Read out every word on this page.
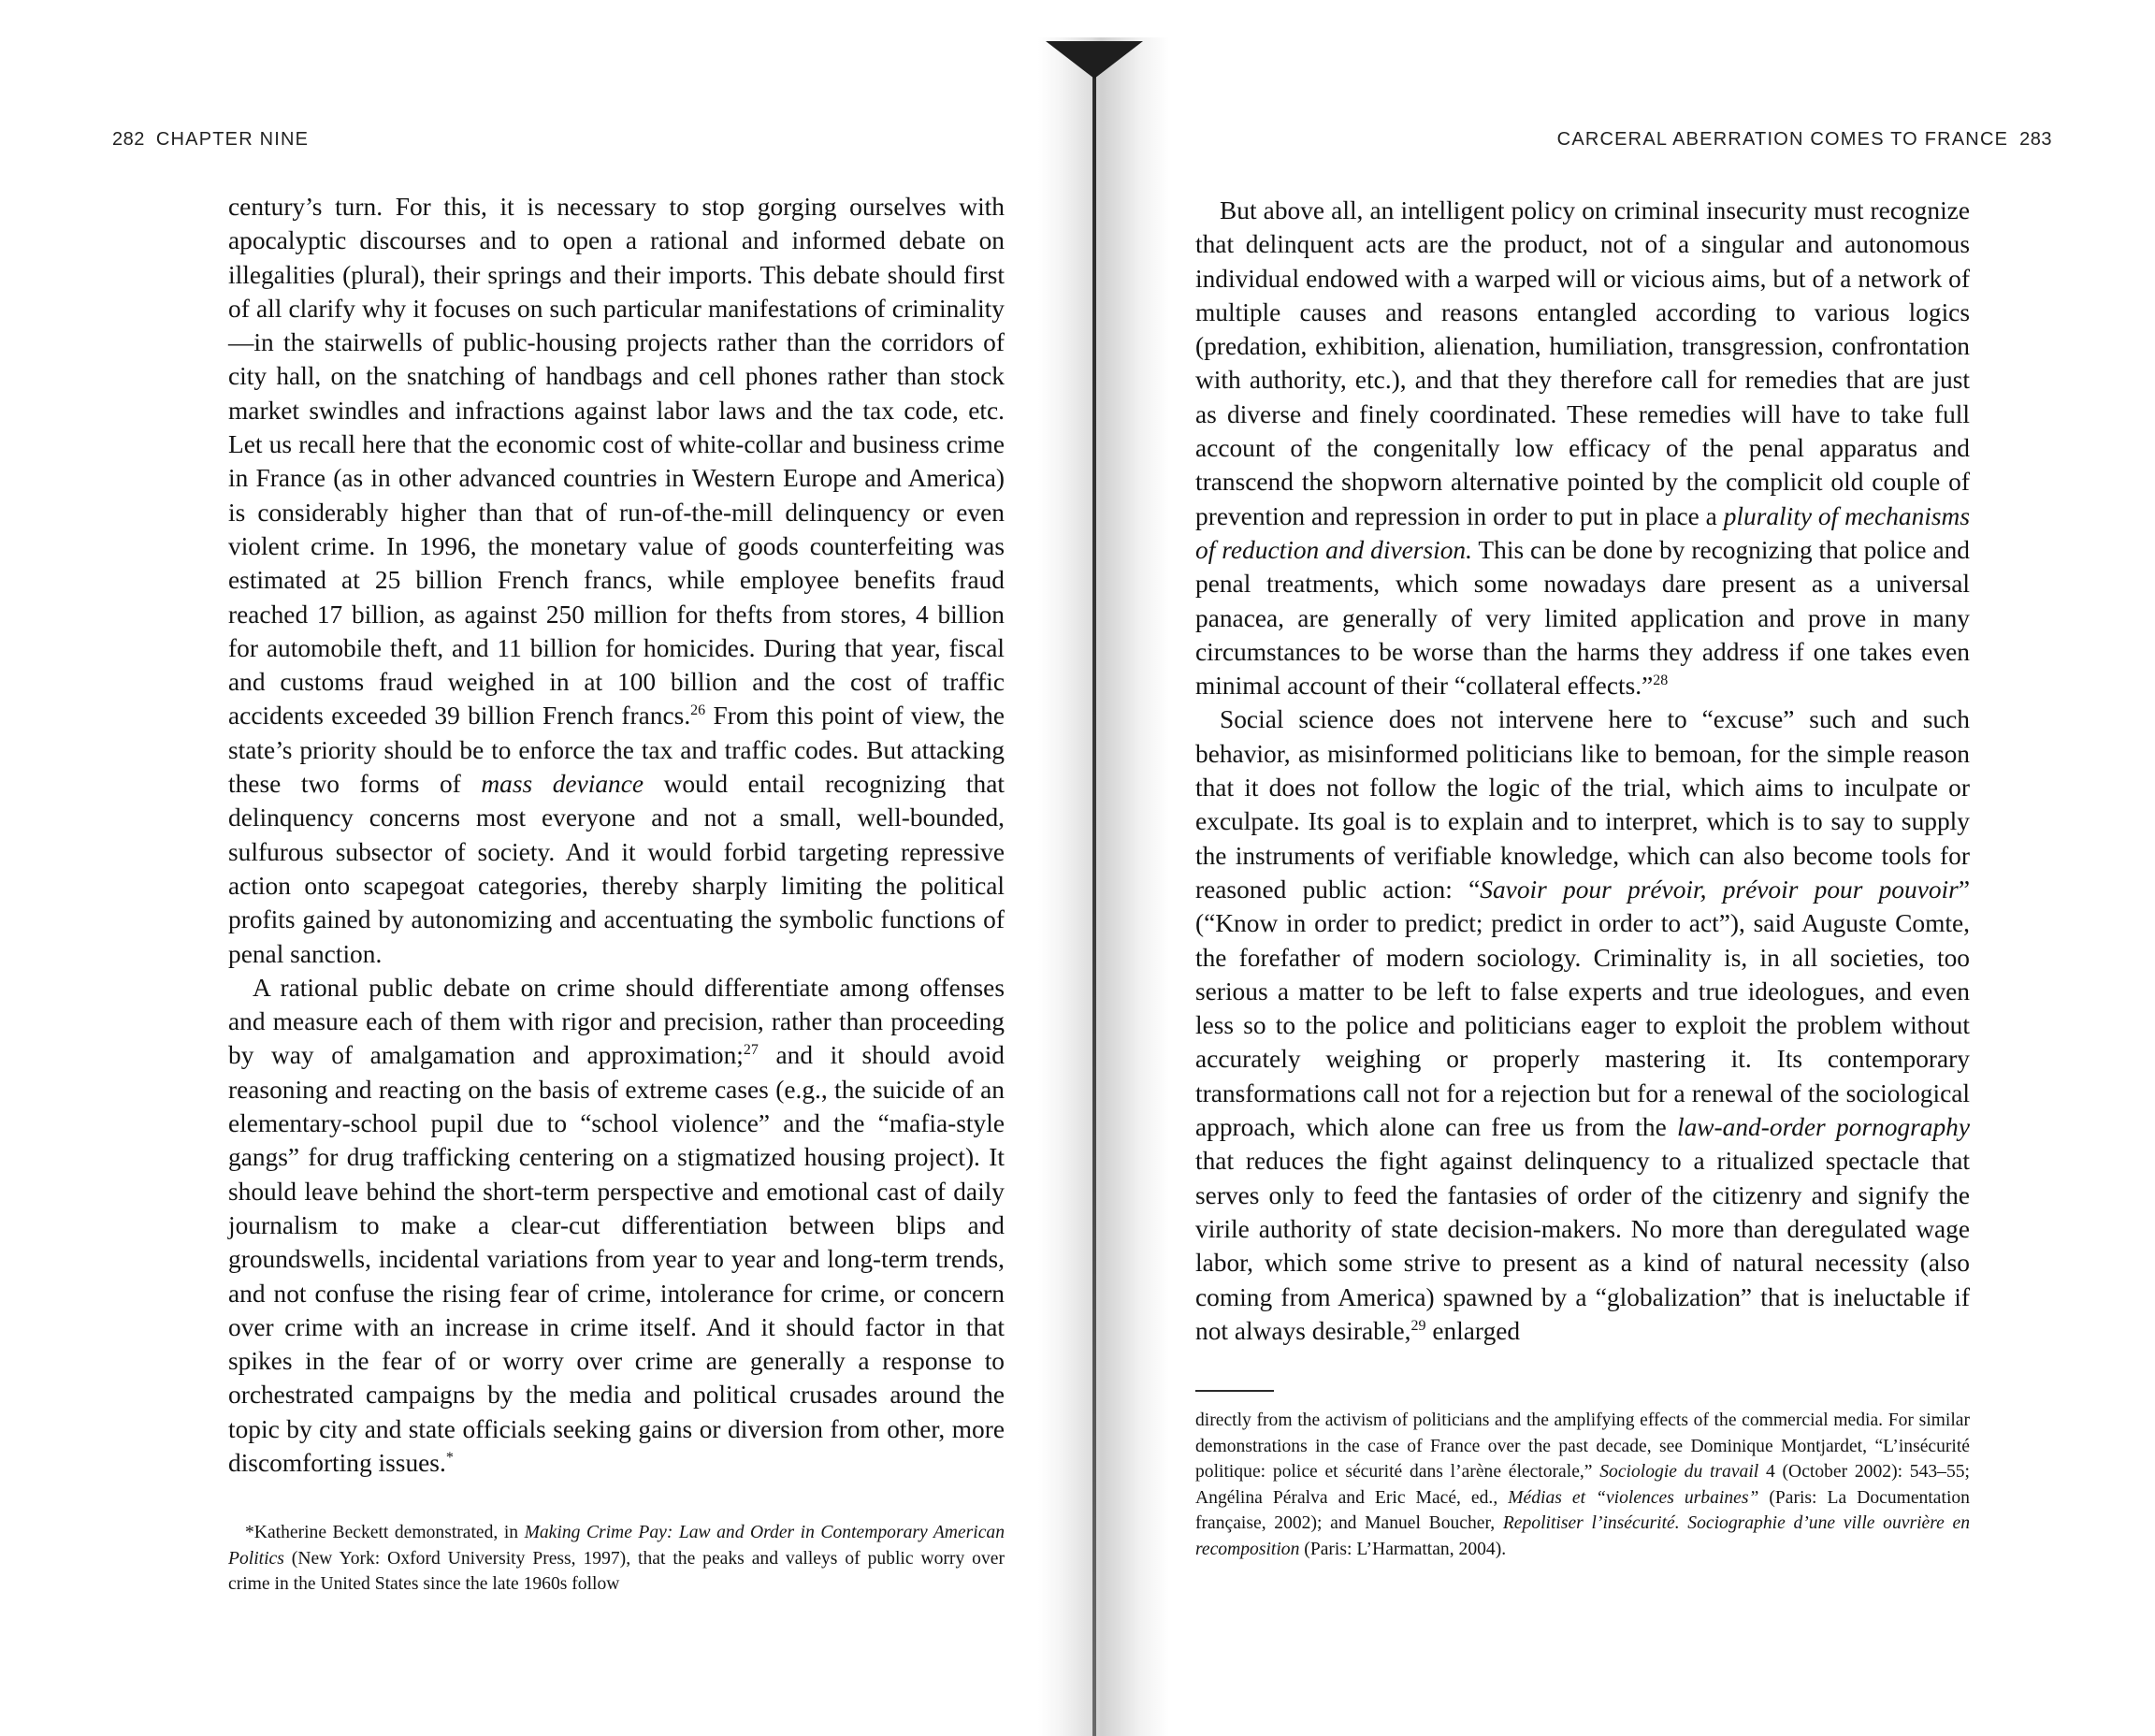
282 CHAPTER NINE

century’s turn. For this, it is necessary to stop gorging ourselves with apocalyptic discourses and to open a rational and informed debate on illegalities (plural), their springs and their imports. This debate should first of all clarify why it focuses on such particular manifestations of criminality—in the stairwells of public-housing projects rather than the corridors of city hall, on the snatching of handbags and cell phones rather than stock market swindles and infractions against labor laws and the tax code, etc. Let us recall here that the economic cost of white-collar and business crime in France (as in other advanced countries in Western Europe and America) is considerably higher than that of run-of-the-mill delinquency or even violent crime. In 1996, the monetary value of goods counterfeiting was estimated at 25 billion French francs, while employee benefits fraud reached 17 billion, as against 250 million for thefts from stores, 4 billion for automobile theft, and 11 billion for homicides. During that year, fiscal and customs fraud weighed in at 100 billion and the cost of traffic accidents exceeded 39 billion French francs.$^{26}$ From this point of view, the state’s priority should be to enforce the tax and traffic codes. But attacking these two forms of mass deviance would entail recognizing that delinquency concerns most everyone and not a small, well-bounded, sulfurous subsector of society. And it would forbid targeting repressive action onto scapegoat categories, thereby sharply limiting the political profits gained by autonomizing and accentuating the symbolic functions of penal sanction.

A rational public debate on crime should differentiate among offenses and measure each of them with rigor and precision, rather than proceeding by way of amalgamation and approximation;$^{27}$ and it should avoid reasoning and reacting on the basis of extreme cases (e.g., the suicide of an elementary-school pupil due to “school violence” and the “mafia-style gangs” for drug trafficking centering on a stigmatized housing project). It should leave behind the short-term perspective and emotional cast of daily journalism to make a clear-cut differentiation between blips and groundswells, incidental variations from year to year and long-term trends, and not confuse the rising fear of crime, intolerance for crime, or concern over crime with an increase in crime itself. And it should factor in that spikes in the fear of or worry over crime are generally a response to orchestrated campaigns by the media and political crusades around the topic by city and state officials seeking gains or diversion from other, more discomforting issues.*

*Katherine Beckett demonstrated, in Making Crime Pay: Law and Order in Contemporary American Politics (New York: Oxford University Press, 1997), that the peaks and valleys of public worry over crime in the United States since the late 1960s follow

CARCERAL ABERRATION COMES TO FRANCE 283

But above all, an intelligent policy on criminal insecurity must recognize that delinquent acts are the product, not of a singular and autonomous individual endowed with a warped will or vicious aims, but of a network of multiple causes and reasons entangled according to various logics (predation, exhibition, alienation, humiliation, transgression, confrontation with authority, etc.), and that they therefore call for remedies that are just as diverse and finely coordinated. These remedies will have to take full account of the congenitally low efficacy of the penal apparatus and transcend the shopworn alternative pointed by the complicit old couple of prevention and repression in order to put in place a plurality of mechanisms of reduction and diversion. This can be done by recognizing that police and penal treatments, which some nowadays dare present as a universal panacea, are generally of very limited application and prove in many circumstances to be worse than the harms they address if one takes even minimal account of their “collateral effects.”$^{28}$

Social science does not intervene here to “excuse” such and such behavior, as misinformed politicians like to bemoan, for the simple reason that it does not follow the logic of the trial, which aims to inculpate or exculpate. Its goal is to explain and to interpret, which is to say to supply the instruments of verifiable knowledge, which can also become tools for reasoned public action: “Savoir pour prévoir, prévoir pour pouvoir” (“Know in order to predict; predict in order to act”), said Auguste Comte, the forefather of modern sociology. Criminality is, in all societies, too serious a matter to be left to false experts and true ideologues, and even less so to the police and politicians eager to exploit the problem without accurately weighing or properly mastering it. Its contemporary transformations call not for a rejection but for a renewal of the sociological approach, which alone can free us from the law-and-order pornography that reduces the fight against delinquency to a ritualized spectacle that serves only to feed the fantasies of order of the citizenry and signify the virile authority of state decision-makers. No more than deregulated wage labor, which some strive to present as a kind of natural necessity (also coming from America) spawned by a “globalization” that is ineluctable if not always desirable,$^{29}$ enlarged

directly from the activism of politicians and the amplifying effects of the commercial media. For similar demonstrations in the case of France over the past decade, see Dominique Montjardet, “L’insécurité politique: police et sécurité dans l’arène électorale,” Sociologie du travail 4 (October 2002): 543–55; Angélina Péralva and Eric Macé, ed., Médias et “violences urbaines” (Paris: La Documentation française, 2002); and Manuel Boucher, Repolitiser l’insécurité. Sociographie d’une ville ouvrière en recomposition (Paris: L’Harmattan, 2004).
